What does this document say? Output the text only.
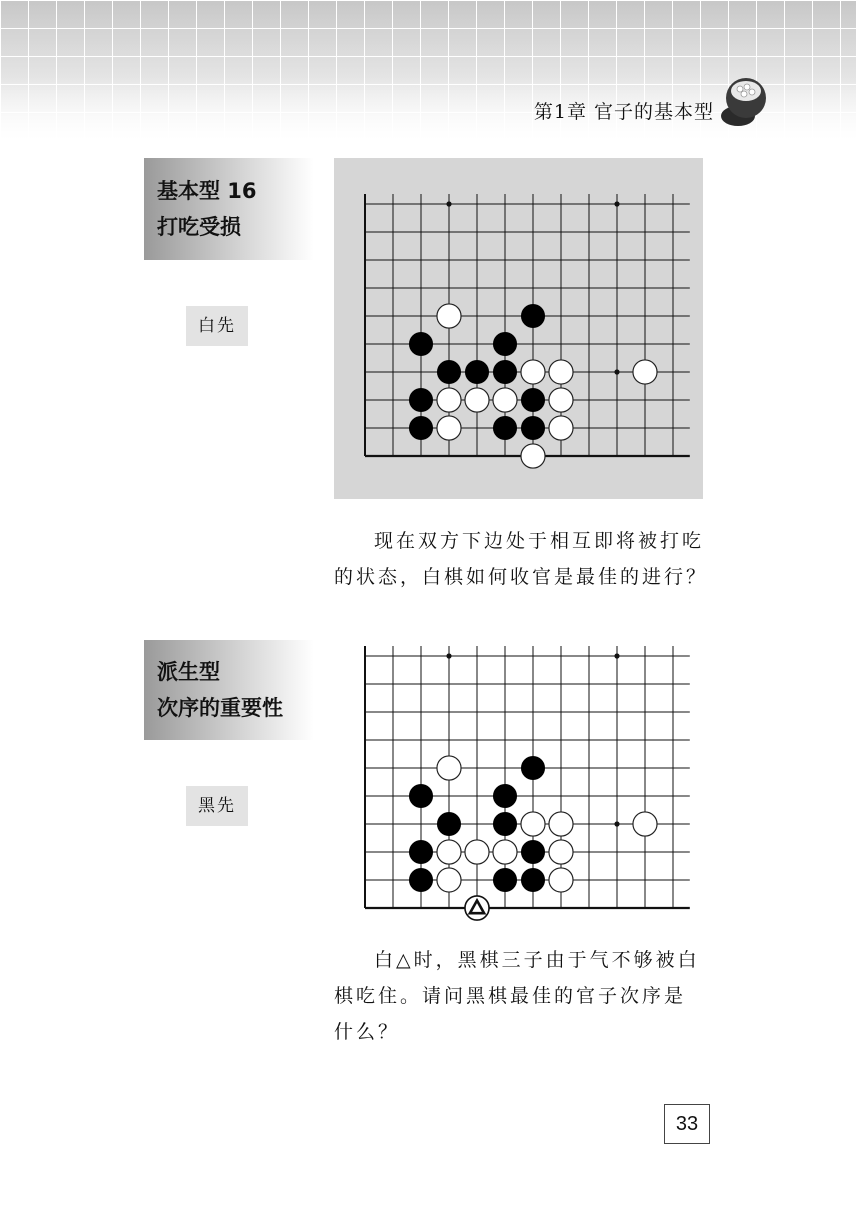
第1章 官子的基本型
基本型 16
打吃受损
白先
现在双方下边处于相互即将被打吃
的状态，白棋如何收官是最佳的进行？
派生型
次序的重要性
黑先
白△时，黑棋三子由于气不够被白
棋吃住。请问黑棋最佳的官子次序是
什么？
33
